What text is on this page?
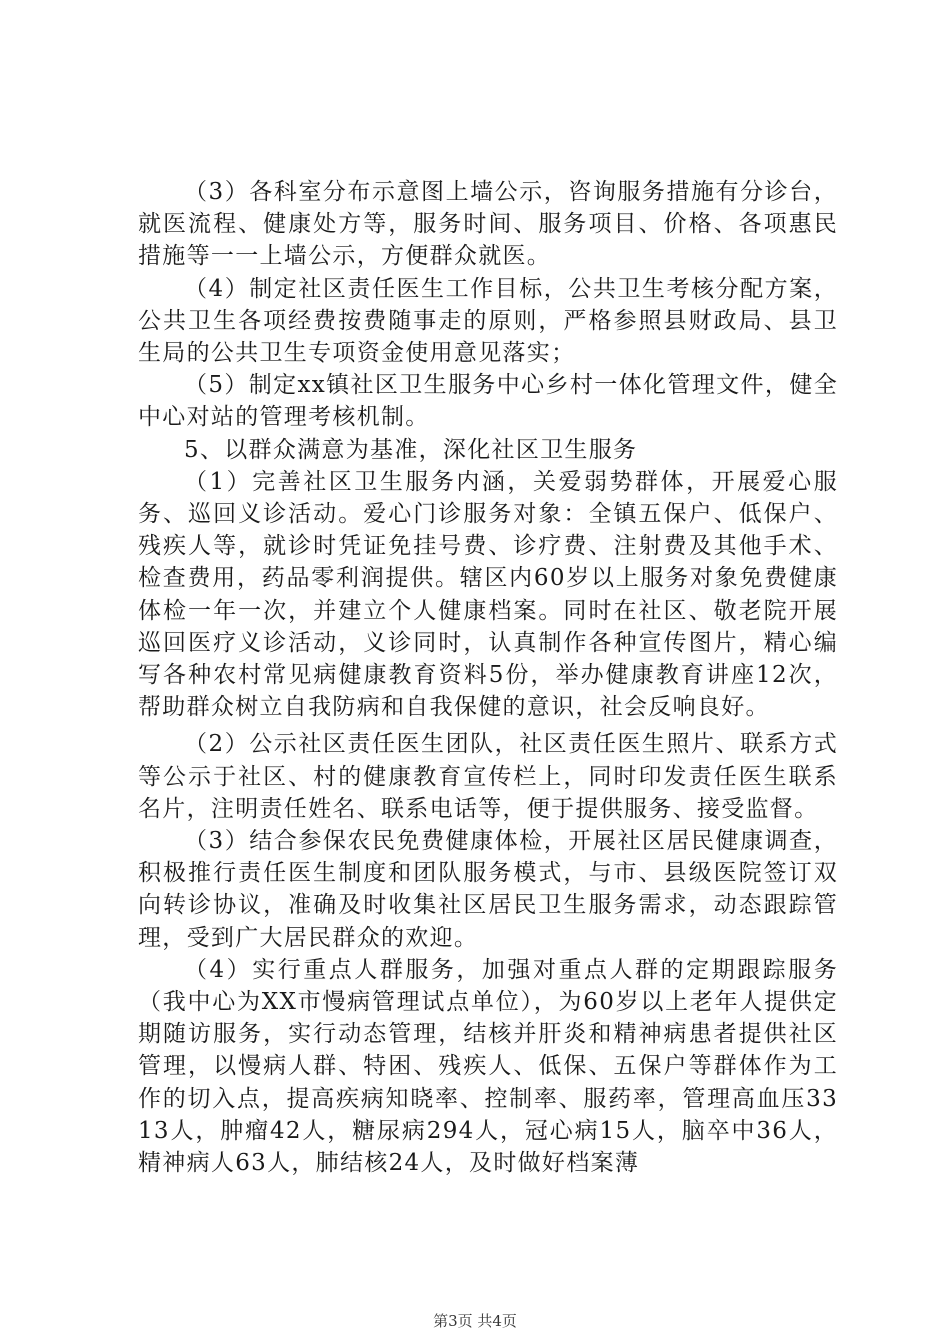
（3）各科室分布示意图上墙公示，咨询服务措施有分诊台，就医流程、健康处方等，服务时间、服务项目、价格、各项惠民措施等一一上墙公示，方便群众就医。

（4）制定社区责任医生工作目标，公共卫生考核分配方案，公共卫生各项经费按费随事走的原则，严格参照县财政局、县卫生局的公共卫生专项资金使用意见落实；

（5）制定xx镇社区卫生服务中心乡村一体化管理文件，健全中心对站的管理考核机制。

5、以群众满意为基准，深化社区卫生服务

（1）完善社区卫生服务内涵，关爱弱势群体，开展爱心服务、巡回义诊活动。爱心门诊服务对象：全镇五保户、低保户、残疾人等，就诊时凭证免挂号费、诊疗费、注射费及其他手术、检查费用，药品零利润提供。辖区内60岁以上服务对象免费健康体检一年一次，并建立个人健康档案。同时在社区、敬老院开展巡回医疗义诊活动，义诊同时，认真制作各种宣传图片，精心编写各种农村常见病健康教育资料5份，举办健康教育讲座12次，帮助群众树立自我防病和自我保健的意识，社会反响良好。

（2）公示社区责任医生团队，社区责任医生照片、联系方式等公示于社区、村的健康教育宣传栏上，同时印发责任医生联系名片，注明责任姓名、联系电话等，便于提供服务、接受监督。

（3）结合参保农民免费健康体检，开展社区居民健康调查，积极推行责任医生制度和团队服务模式，与市、县级医院签订双向转诊协议，准确及时收集社区居民卫生服务需求，动态跟踪管理，受到广大居民群众的欢迎。

（4）实行重点人群服务，加强对重点人群的定期跟踪服务（我中心为XX市慢病管理试点单位），为60岁以上老年人提供定期随访服务，实行动态管理，结核并肝炎和精神病患者提供社区管理，以慢病人群、特困、残疾人、低保、五保户等群体作为工作的切入点，提高疾病知晓率、控制率、服药率，管理高血压3313人，肿瘤42人，糖尿病294人，冠心病15人，脑卒中36人，精神病人63人，肺结核24人，及时做好档案薄

第3页 共4页
